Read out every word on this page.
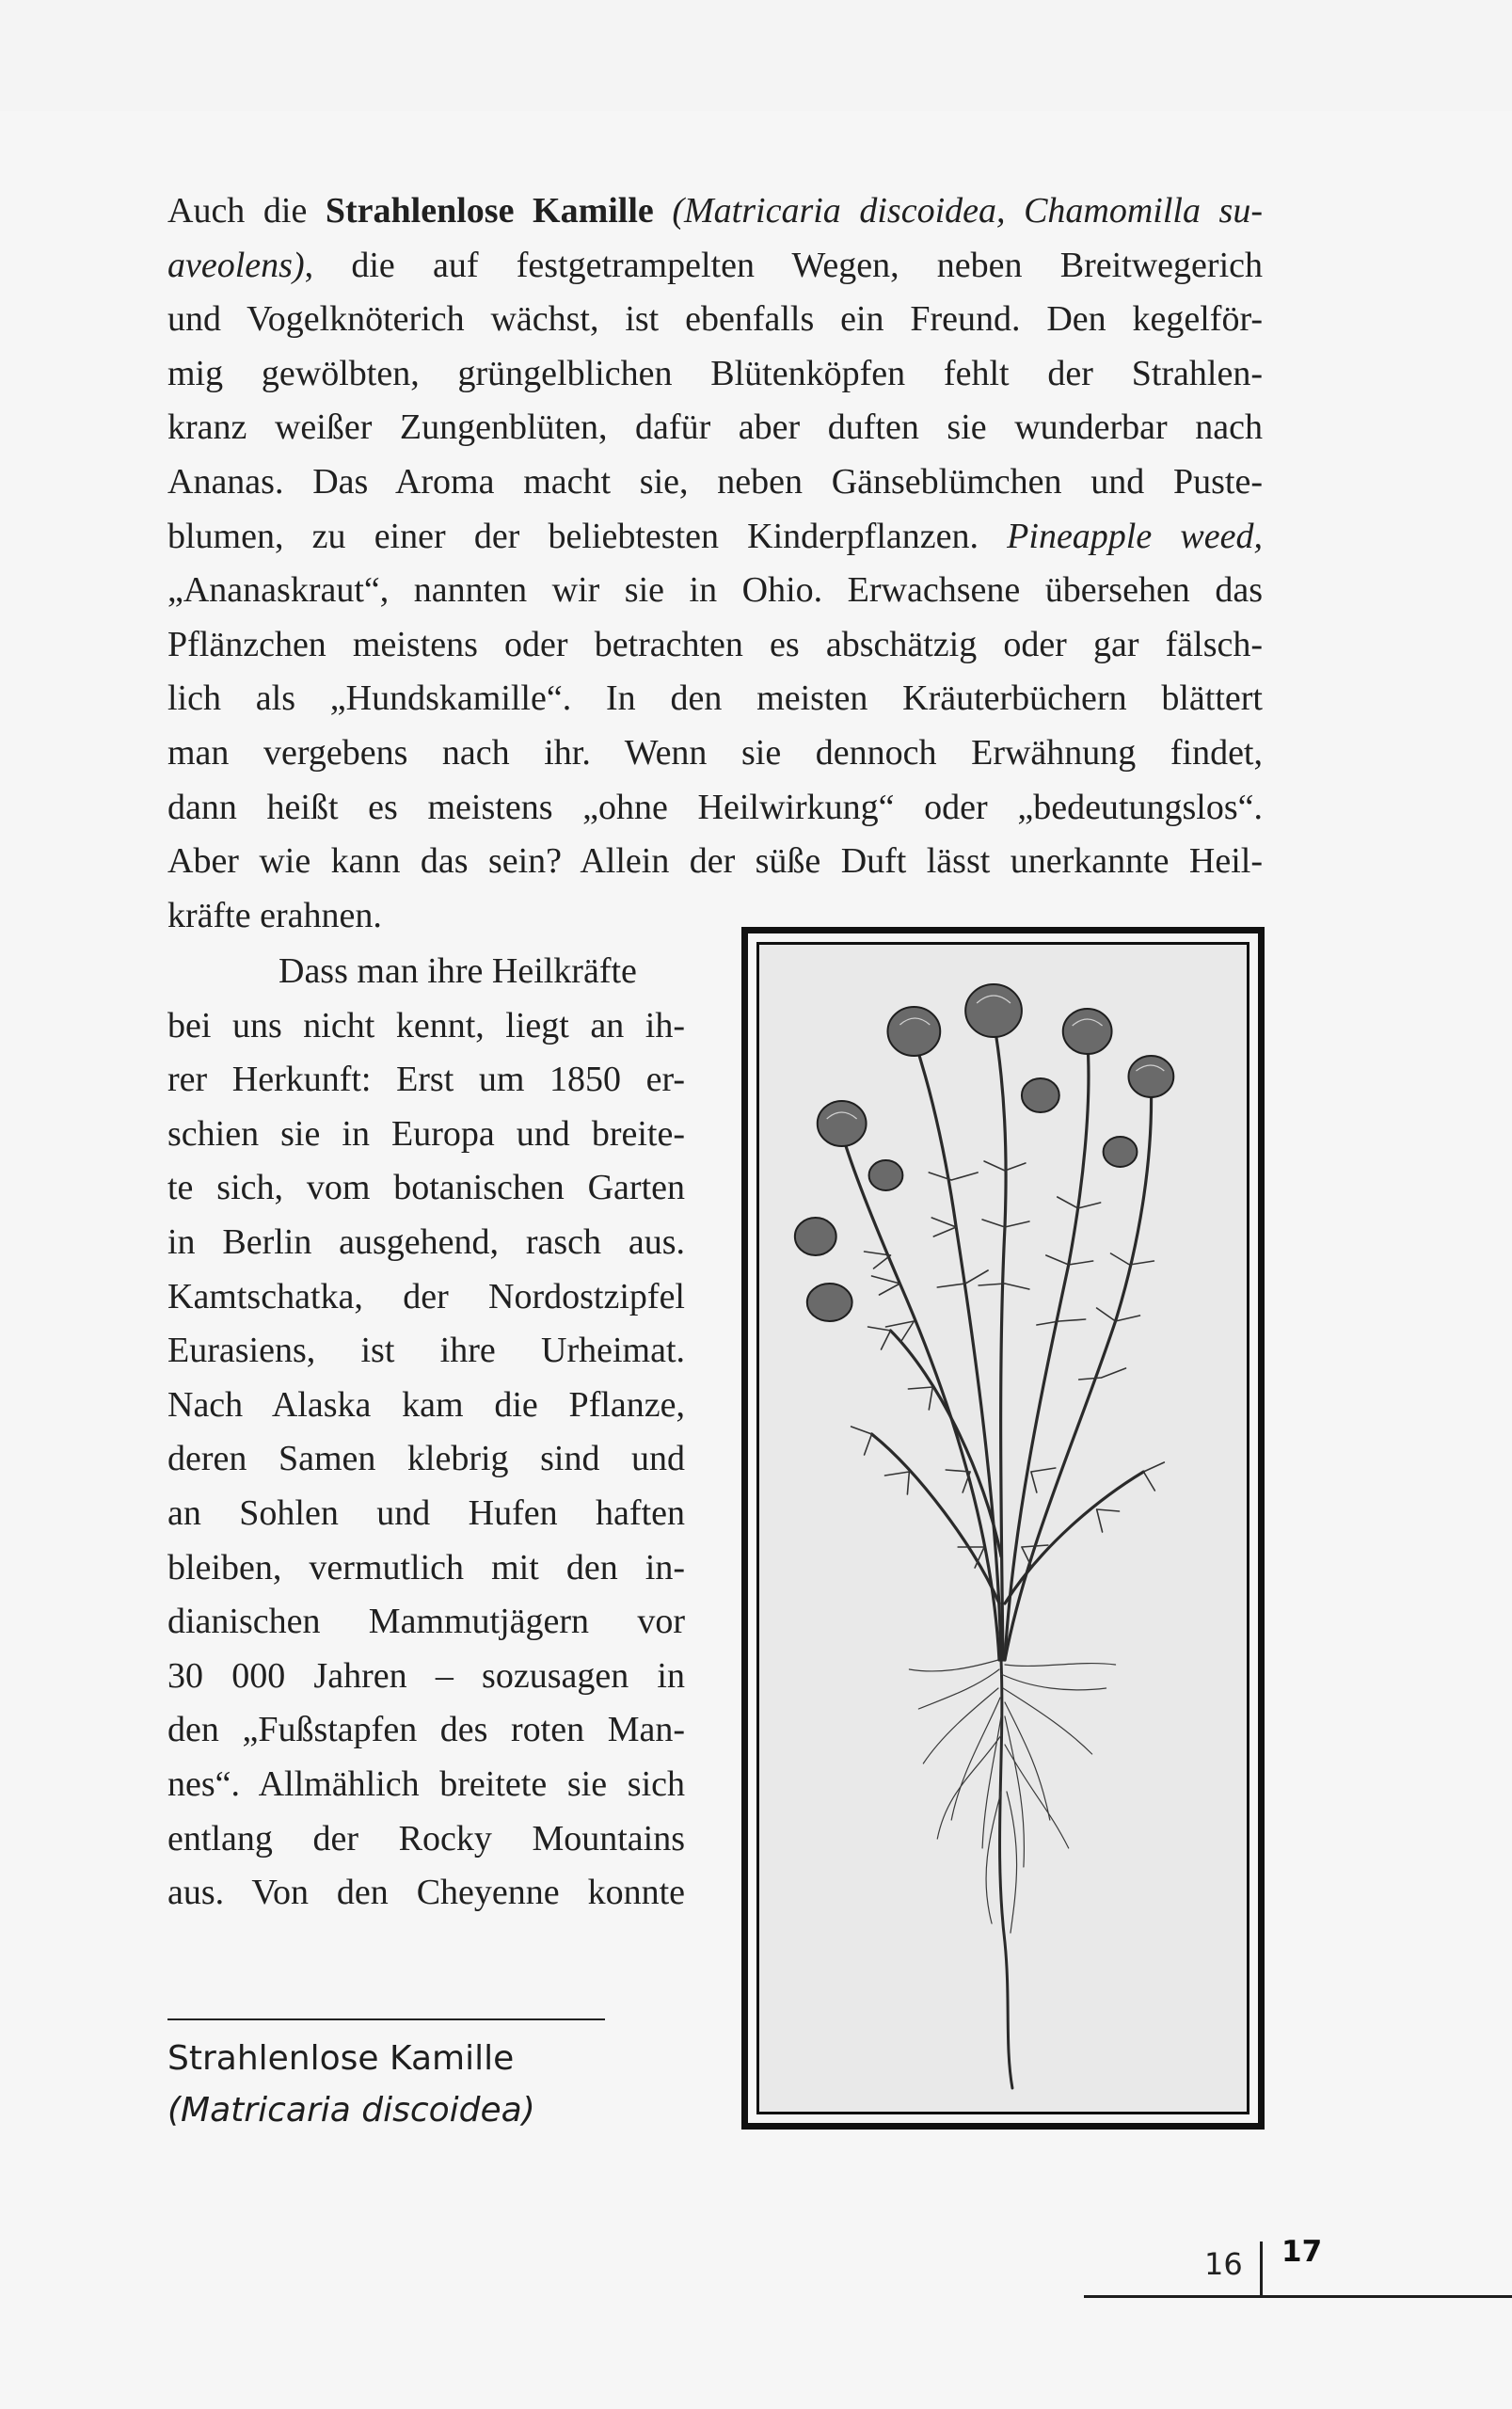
Auch die Strahlenlose Kamille (Matricaria discoidea, Chamomilla su-
aveolens), die auf festgetrampelten Wegen, neben Breitwegerich
und Vogelknöterich wächst, ist ebenfalls ein Freund. Den kegelför-
mig gewölbten, grüngelblichen Blütenköpfen fehlt der Strahlen-
kranz weißer Zungenblüten, dafür aber duften sie wunderbar nach
Ananas. Das Aroma macht sie, neben Gänseblümchen und Puste-
blumen, zu einer der beliebtesten Kinderpflanzen. Pineapple weed,
„Ananaskraut“, nannten wir sie in Ohio. Erwachsene übersehen das
Pflänzchen meistens oder betrachten es abschätzig oder gar fälsch-
lich als „Hundskamille“. In den meisten Kräuterbüchern blättert
man vergebens nach ihr. Wenn sie dennoch Erwähnung findet,
dann heißt es meistens „ohne Heilwirkung“ oder „bedeutungslos“.
Aber wie kann das sein? Allein der süße Duft lässt unerkannte Heil-
kräfte erahnen.
Dass man ihre Heilkräfte
bei uns nicht kennt, liegt an ih-
rer Herkunft: Erst um 1850 er-
schien sie in Europa und breite-
te sich, vom botanischen Garten
in Berlin ausgehend, rasch aus.
Kamtschatka, der Nordostzipfel
Eurasiens, ist ihre Urheimat.
Nach Alaska kam die Pflanze,
deren Samen klebrig sind und
an Sohlen und Hufen haften
bleiben, vermutlich mit den in-
dianischen Mammutjägern vor
30 000 Jahren – sozusagen in
den „Fußstapfen des roten Man-
nes“. Allmählich breitete sie sich
entlang der Rocky Mountains
aus. Von den Cheyenne konnte
Strahlenlose Kamille
(Matricaria discoidea)
16 17
